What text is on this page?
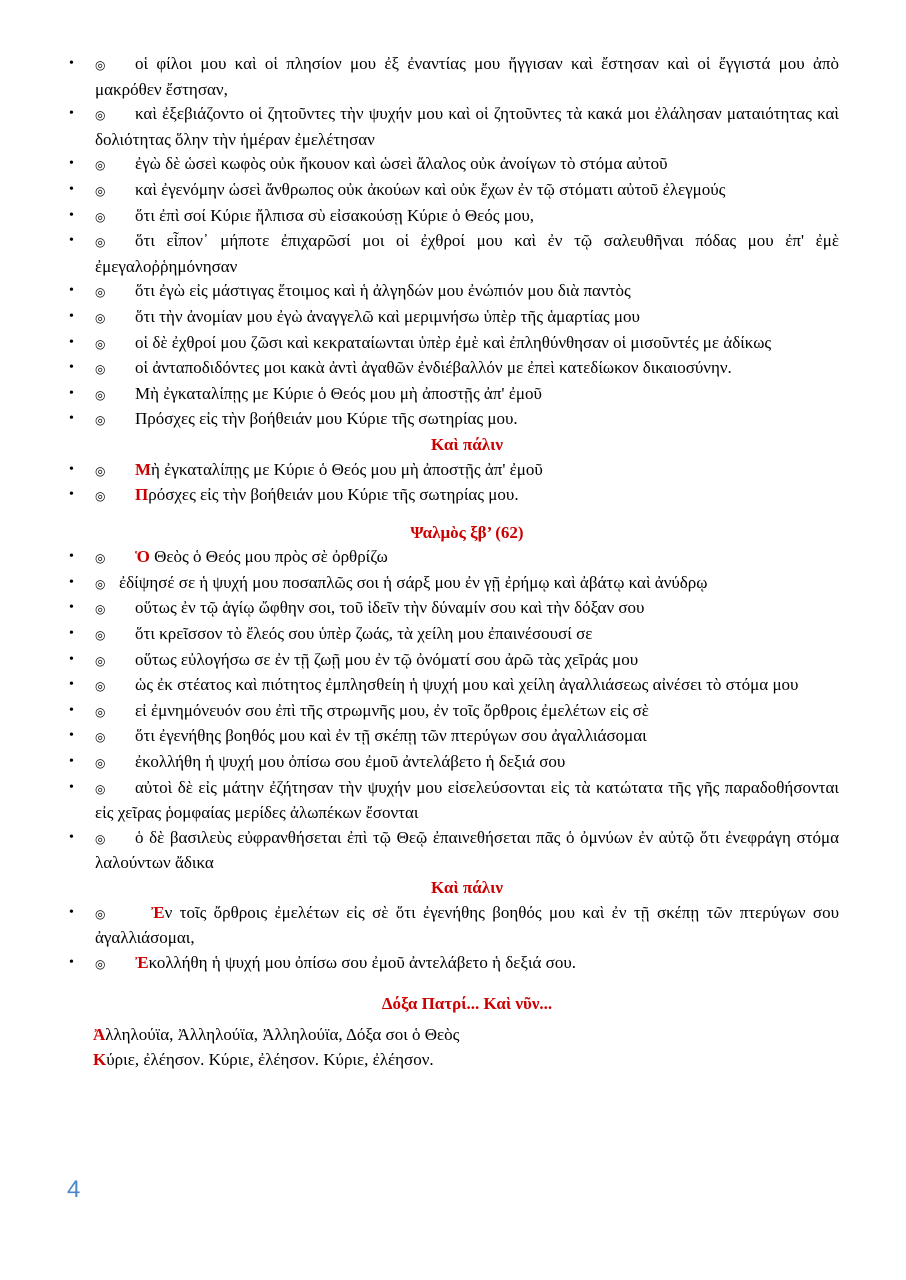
• ◎ οἱ φίλοι μου καὶ οἱ πλησίον μου ἐξ ἐναντίας μου ἤγγισαν καὶ ἔστησαν καὶ οἱ ἔγγιστά μου ἀπὸ μακρόθεν ἔστησαν,
• ◎ καὶ ἐξεβιάζοντο οἱ ζητοῦντες τὴν ψυχήν μου καὶ οἱ ζητοῦντες τὰ κακά μοι ἐλάλησαν ματαιότητας καὶ δολιότητας ὅλην τὴν ἡμέραν ἐμελέτησαν
• ◎ ἐγὼ δὲ ὡσεὶ κωφὸς οὐκ ἤκουον καὶ ὡσεὶ ἄλαλος οὐκ ἀνοίγων τὸ στόμα αὐτοῦ
• ◎ καὶ ἐγενόμην ὡσεὶ ἄνθρωπος οὐκ ἀκούων καὶ οὐκ ἔχων ἐν τῷ στόματι αὐτοῦ ἐλεγμούς
• ◎ ὅτι ἐπὶ σοί Κύριε ἤλπισα σὺ εἰσακούσῃ Κύριε ὁ Θεός μου,
• ◎ ὅτι εἶπον᾿ μήποτε ἐπιχαρῶσί μοι οἱ ἐχθροί μου καὶ ἐν τῷ σαλευθῆναι πόδας μου ἐπ' ἐμὲ ἐμεγαλοῤῥημόνησαν
• ◎ ὅτι ἐγὼ εἰς μάστιγας ἕτοιμος καὶ ἡ ἀλγηδών μου ἐνώπιόν μου διὰ παντὸς
• ◎ ὅτι τὴν ἀνομίαν μου ἐγὼ ἀναγγελῶ καὶ μεριμνήσω ὑπὲρ τῆς ἁμαρτίας μου
• ◎ οἱ δὲ ἐχθροί μου ζῶσι καὶ κεκραταίωνται ὑπὲρ ἐμὲ καὶ ἐπληθύνθησαν οἱ μισοῦντές με ἀδίκως
• ◎ οἱ ἀνταποδιδόντες μοι κακὰ ἀντὶ ἀγαθῶν ἐνδιέβαλλόν με ἐπεὶ κατεδίωκον δικαιοσύνην.
• ◎ Μὴ ἐγκαταλίπῃς με Κύριε ὁ Θεός μου μὴ ἀποστῇς ἀπ' ἐμοῦ
• ◎ Πρόσχες εἰς τὴν βοήθειάν μου Κύριε τῆς σωτηρίας μου.
Καὶ πάλιν
• ◎ Μὴ ἐγκαταλίπῃς με Κύριε ὁ Θεός μου μὴ ἀποστῇς ἀπ' ἐμοῦ
• ◎ Πρόσχες εἰς τὴν βοήθειάν μου Κύριε τῆς σωτηρίας μου.
Ψαλμὸς ξβ’ (62)
• ◎ Ὁ Θεὸς ὁ Θεός μου πρὸς σὲ ὀρθρίζω
• ◎ ἐδίψησέ σε ἡ ψυχή μου ποσαπλῶς σοι ἡ σάρξ μου ἐν γῇ ἐρήμῳ καὶ ἀβάτῳ καὶ ἀνύδρῳ
• ◎ οὕτως ἐν τῷ ἁγίῳ ὤφθην σοι, τοῦ ἰδεῖν τὴν δύναμίν σου καὶ τὴν δόξαν σου
• ◎ ὅτι κρεῖσσον τὸ ἔλεός σου ὑπὲρ ζωάς, τὰ χείλη μου ἐπαινέσουσί σε
• ◎ οὕτως εὐλογήσω σε ἐν τῇ ζωῇ μου ἐν τῷ ὀνόματί σου ἀρῶ τὰς χεῖράς μου
• ◎ ὡς ἐκ στέατος καὶ πιότητος ἐμπλησθείη ἡ ψυχή μου καὶ χείλη ἀγαλλιάσεως αἰνέσει τὸ στόμα μου
• ◎ εἰ ἐμνημόνευόν σου ἐπὶ τῆς στρωμνῆς μου, ἐν τοῖς ὄρθροις ἐμελέτων εἰς σὲ
• ◎ ὅτι ἐγενήθης βοηθός μου καὶ ἐν τῇ σκέπῃ τῶν πτερύγων σου ἀγαλλιάσομαι
• ◎ ἐκολλήθη ἡ ψυχή μου ὀπίσω σου ἐμοῦ ἀντελάβετο ἡ δεξιά σου
• ◎ αὐτοὶ δὲ εἰς μάτην ἐζήτησαν τὴν ψυχήν μου εἰσελεύσονται εἰς τὰ κατώτατα τῆς γῆς παραδοθήσονται εἰς χεῖρας ῥομφαίας μερίδες ἀλωπέκων ἔσονται
• ◎ ὁ δὲ βασιλεὺς εὐφρανθήσεται ἐπὶ τῷ Θεῷ ἐπαινεθήσεται πᾶς ὁ ὀμνύων ἐν αὐτῷ ὅτι ἐνεφράγη στόμα λαλούντων ἄδικα
Καὶ πάλιν
• ◎	Ἐν τοῖς ὄρθροις ἐμελέτων εἰς σὲ ὅτι ἐγενήθης βοηθός μου καὶ ἐν τῇ σκέπῃ τῶν πτερύγων σου ἀγαλλιάσομαι,
• ◎ Ἐκολλήθη ἡ ψυχή μου ὀπίσω σου ἐμοῦ ἀντελάβετο ἡ δεξιά σου.
Δόξα Πατρί... Καὶ νῦν...

Ἀλληλούϊα, Ἀλληλούϊα, Ἀλληλούϊα, Δόξα σοι ὁ Θεὸς

Κύριε, ἐλέησον. Κύριε, ἐλέησον. Κύριε, ἐλέησον.

4
